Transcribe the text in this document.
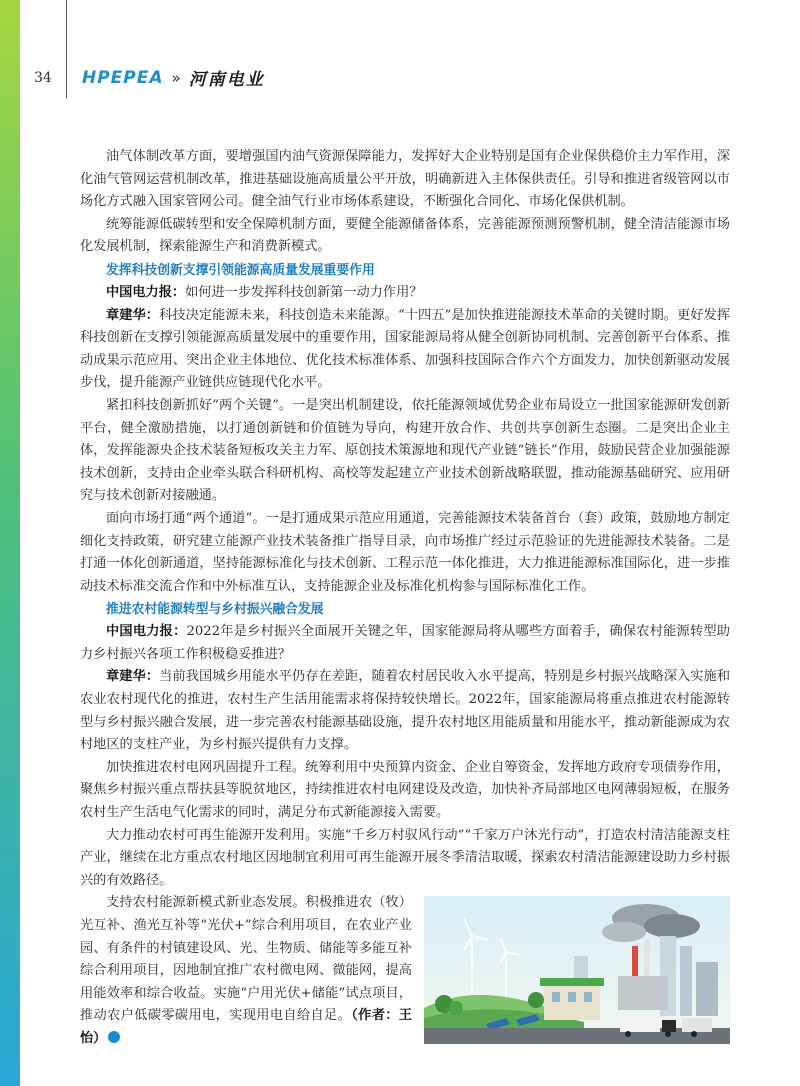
34 HPEPEA » 河南电业

油气体制改革方面，要增强国内油气资源保障能力，发挥好大企业特别是国有企业保供稳价主力军作用，深化油气管网运营机制改革，推进基础设施高质量公平开放，明确新进入主体保供责任。引导和推进省级管网以市场化方式融入国家管网公司。健全油气行业市场体系建设，不断强化合同化、市场化保供机制。

统筹能源低碳转型和安全保障机制方面，要健全能源储备体系，完善能源预测预警机制，健全清洁能源市场化发展机制，探索能源生产和消费新模式。

发挥科技创新支撑引领能源高质量发展重要作用

中国电力报：如何进一步发挥科技创新第一动力作用？

章建华：科技决定能源未来，科技创造未来能源。“十四五”是加快推进能源技术革命的关键时期。更好发挥科技创新在支撑引领能源高质量发展中的重要作用，国家能源局将从健全创新协同机制、完善创新平台体系、推动成果示范应用、突出企业主体地位、优化技术标准体系、加强科技国际合作六个方面发力，加快创新驱动发展步伐，提升能源产业链供应链现代化水平。

紧扣科技创新抓好“两个关键”。一是突出机制建设，依托能源领域优势企业布局设立一批国家能源研发创新平台，健全激励措施，以打通创新链和价值链为导向，构建开放合作、共创共享创新生态圈。二是突出企业主体，发挥能源央企技术装备短板攻关主力军、原创技术策源地和现代产业链“链长”作用，鼓励民营企业加强能源技术创新，支持由企业牵头联合科研机构、高校等发起建立产业技术创新战略联盟，推动能源基础研究、应用研究与技术创新对接融通。

面向市场打通“两个通道”。一是打通成果示范应用通道，完善能源技术装备首台（套）政策，鼓励地方制定细化支持政策，研究建立能源产业技术装备推广指导目录，向市场推广经过示范验证的先进能源技术装备。二是打通一体化创新通道，坚持能源标准化与技术创新、工程示范一体化推进，大力推进能源标准国际化，进一步推动技术标准交流合作和中外标准互认，支持能源企业及标准化机构参与国际标准化工作。

推进农村能源转型与乡村振兴融合发展

中国电力报：2022年是乡村振兴全面展开关键之年，国家能源局将从哪些方面着手，确保农村能源转型助力乡村振兴各项工作积极稳妥推进？

章建华：当前我国城乡用能水平仍存在差距，随着农村居民收入水平提高，特别是乡村振兴战略深入实施和农业农村现代化的推进，农村生产生活用能需求将保持较快增长。2022年，国家能源局将重点推进农村能源转型与乡村振兴融合发展，进一步完善农村能源基础设施，提升农村地区用能质量和用能水平，推动新能源成为农村地区的支柱产业，为乡村振兴提供有力支撑。

加快推进农村电网巩固提升工程。统筹利用中央预算内资金、企业自筹资金，发挥地方政府专项债券作用，聚焦乡村振兴重点帮扶县等脱贫地区，持续推进农村电网建设及改造，加快补齐局部地区电网薄弱短板，在服务农村生产生活电气化需求的同时，满足分布式新能源接入需要。

大力推动农村可再生能源开发利用。实施“千乡万村驭风行动”“千家万户沐光行动”，打造农村清洁能源支柱产业，继续在北方重点农村地区因地制宜利用可再生能源开展冬季清洁取暖，探索农村清洁能源建设助力乡村振兴的有效路径。

支持农村能源新模式新业态发展。积极推进农（牧）光互补、渔光互补等“光伏+”综合利用项目，在农业产业园、有条件的村镇建设风、光、生物质、储能等多能互补综合利用项目，因地制宜推广农村微电网、微能网，提高用能效率和综合收益。实施“户用光伏+储能”试点项目，推动农户低碳零碳用电，实现用电自给自足。（作者：王怡）
